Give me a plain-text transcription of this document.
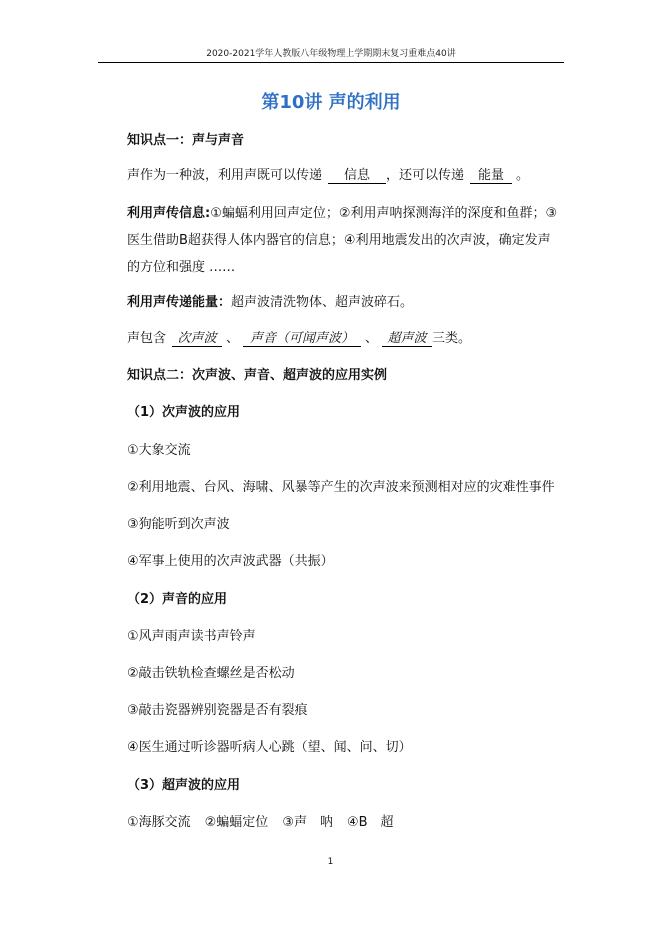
2020-2021学年人教版八年级物理上学期期末复习重难点40讲
第10讲 声的利用
知识点一：声与声音
声作为一种波，利用声既可以传递 信息 ，还可以传递 能量 。
利用声传信息:①蝙蝠利用回声定位；②利用声呐探测海洋的深度和鱼群；③医生借助B超获得人体内器官的信息；④利用地震发出的次声波，确定发声的方位和强度 ……
利用声传递能量：超声波清洗物体、超声波碎石。
声包含 次声波 、 声音（可闻声波） 、 超声波 三类。
知识点二：次声波、声音、超声波的应用实例
（1）次声波的应用
①大象交流
②利用地震、台风、海啸、风暴等产生的次声波来预测相对应的灾难性事件
③狗能听到次声波
④军事上使用的次声波武器（共振）
（2）声音的应用
①风声雨声读书声铃声
②敲击铁轨检查螺丝是否松动
③敲击瓷器辨别瓷器是否有裂痕
④医生通过听诊器听病人心跳（望、闻、问、切）
（3）超声波的应用
①海豚交流 ②蝙蝠定位 ③声　呐 ④B　超
1
